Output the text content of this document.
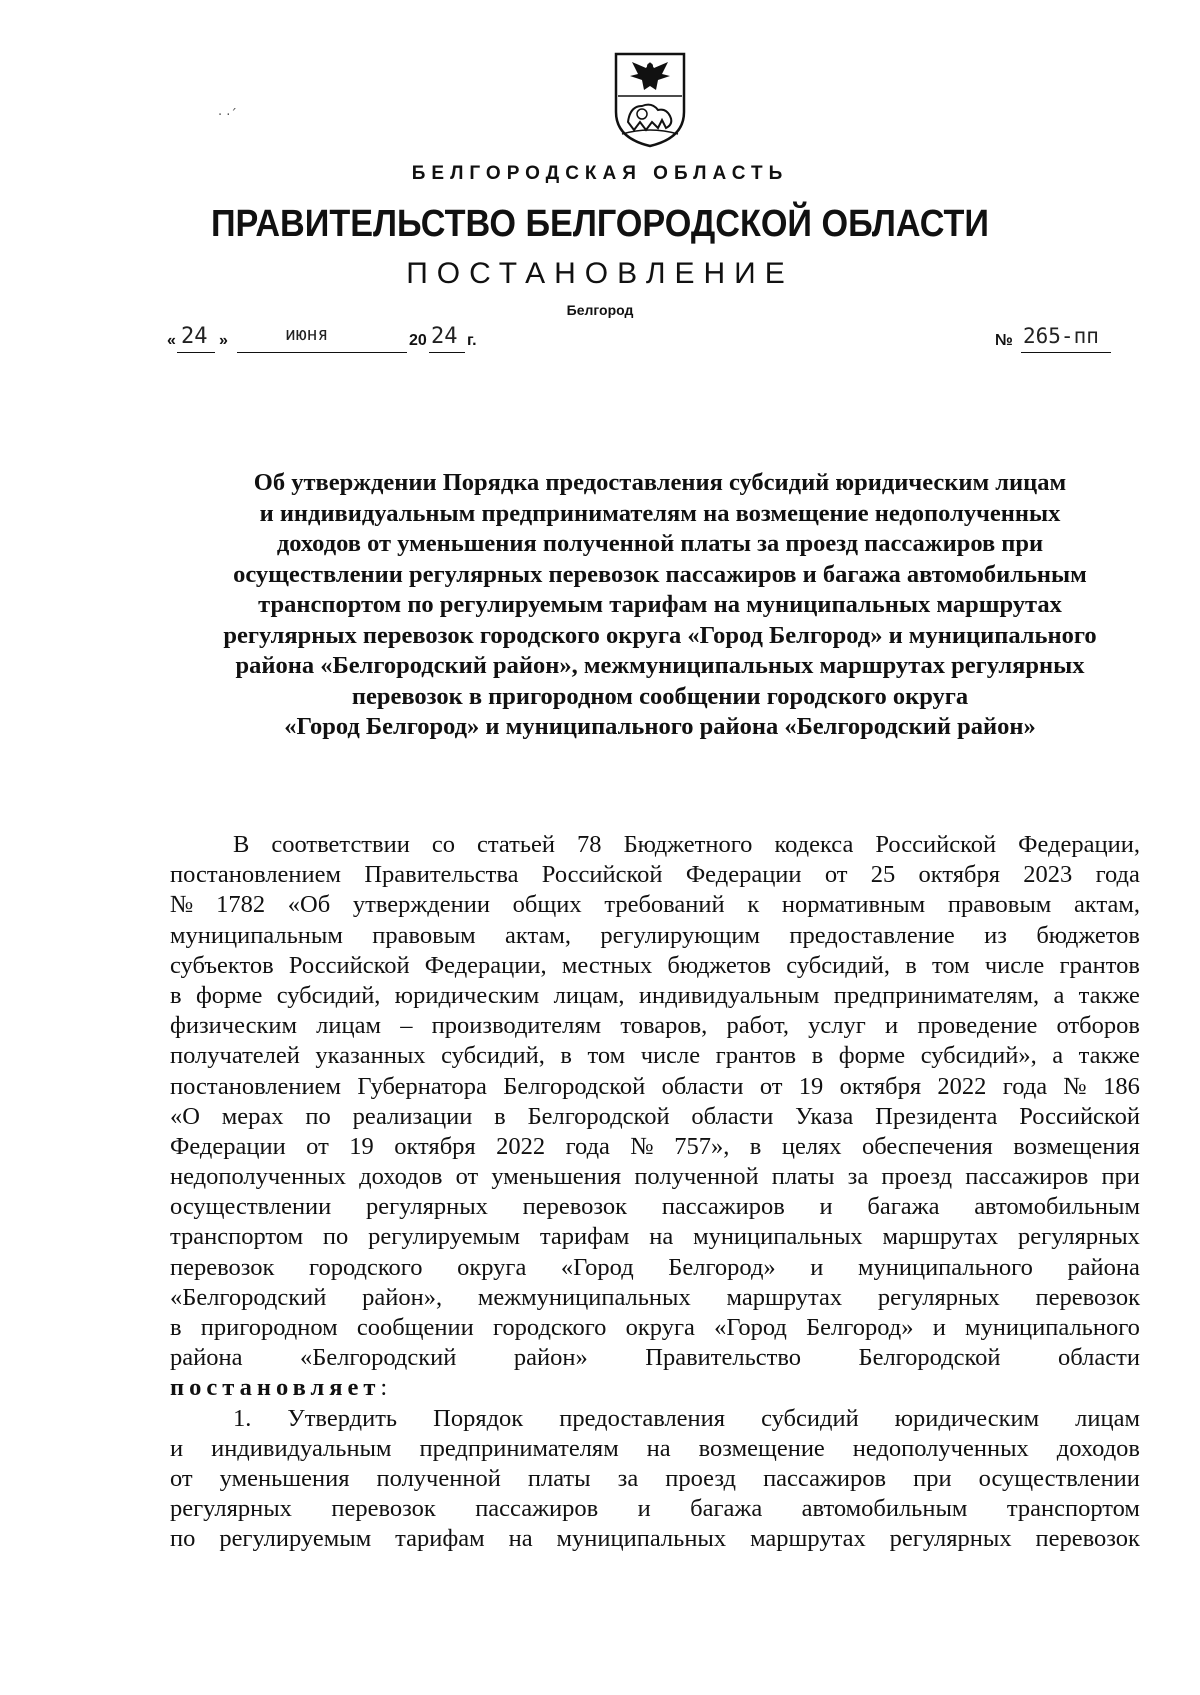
· ·´
БЕЛГОРОДСКАЯ ОБЛАСТЬ
ПРАВИТЕЛЬСТВО БЕЛГОРОДСКОЙ ОБЛАСТИ
ПОСТАНОВЛЕНИЕ
Белгород
« 24 »	июня	20 24 г.	№ 265-пп
Об утверждении Порядка предоставления субсидий юридическим лицам
и индивидуальным предпринимателям на возмещение недополученных
доходов от уменьшения полученной платы за проезд пассажиров при
осуществлении регулярных перевозок пассажиров и багажа автомобильным
транспортом по регулируемым тарифам на муниципальных маршрутах
регулярных перевозок городского округа «Город Белгород» и муниципального
района «Белгородский район», межмуниципальных маршрутах регулярных
перевозок в пригородном сообщении городского округа
«Город Белгород» и муниципального района «Белгородский район»
В соответствии со статьей 78 Бюджетного кодекса Российской Федерации,
постановлением Правительства Российской Федерации от 25 октября 2023 года
№ 1782 «Об утверждении общих требований к нормативным правовым актам,
муниципальным правовым актам, регулирующим предоставление из бюджетов
субъектов Российской Федерации, местных бюджетов субсидий, в том числе грантов
в форме субсидий, юридическим лицам, индивидуальным предпринимателям, а также
физическим лицам – производителям товаров, работ, услуг и проведение отборов
получателей указанных субсидий, в том числе грантов в форме субсидий», а также
постановлением Губернатора Белгородской области от 19 октября 2022 года № 186
«О мерах по реализации в Белгородской области Указа Президента Российской
Федерации от 19 октября 2022 года № 757», в целях обеспечения возмещения
недополученных доходов от уменьшения полученной платы за проезд пассажиров при
осуществлении регулярных перевозок пассажиров и багажа автомобильным
транспортом по регулируемым тарифам на муниципальных маршрутах регулярных
перевозок городского округа «Город Белгород» и муниципального района
«Белгородский район», межмуниципальных маршрутах регулярных перевозок
в пригородном сообщении городского округа «Город Белгород» и муниципального
района «Белгородский район» Правительство Белгородской области
постановляет :
1. Утвердить Порядок предоставления субсидий юридическим лицам
и индивидуальным предпринимателям на возмещение недополученных доходов
от уменьшения полученной платы за проезд пассажиров при осуществлении
регулярных перевозок пассажиров и багажа автомобильным транспортом
по регулируемым тарифам на муниципальных маршрутах регулярных перевозок
